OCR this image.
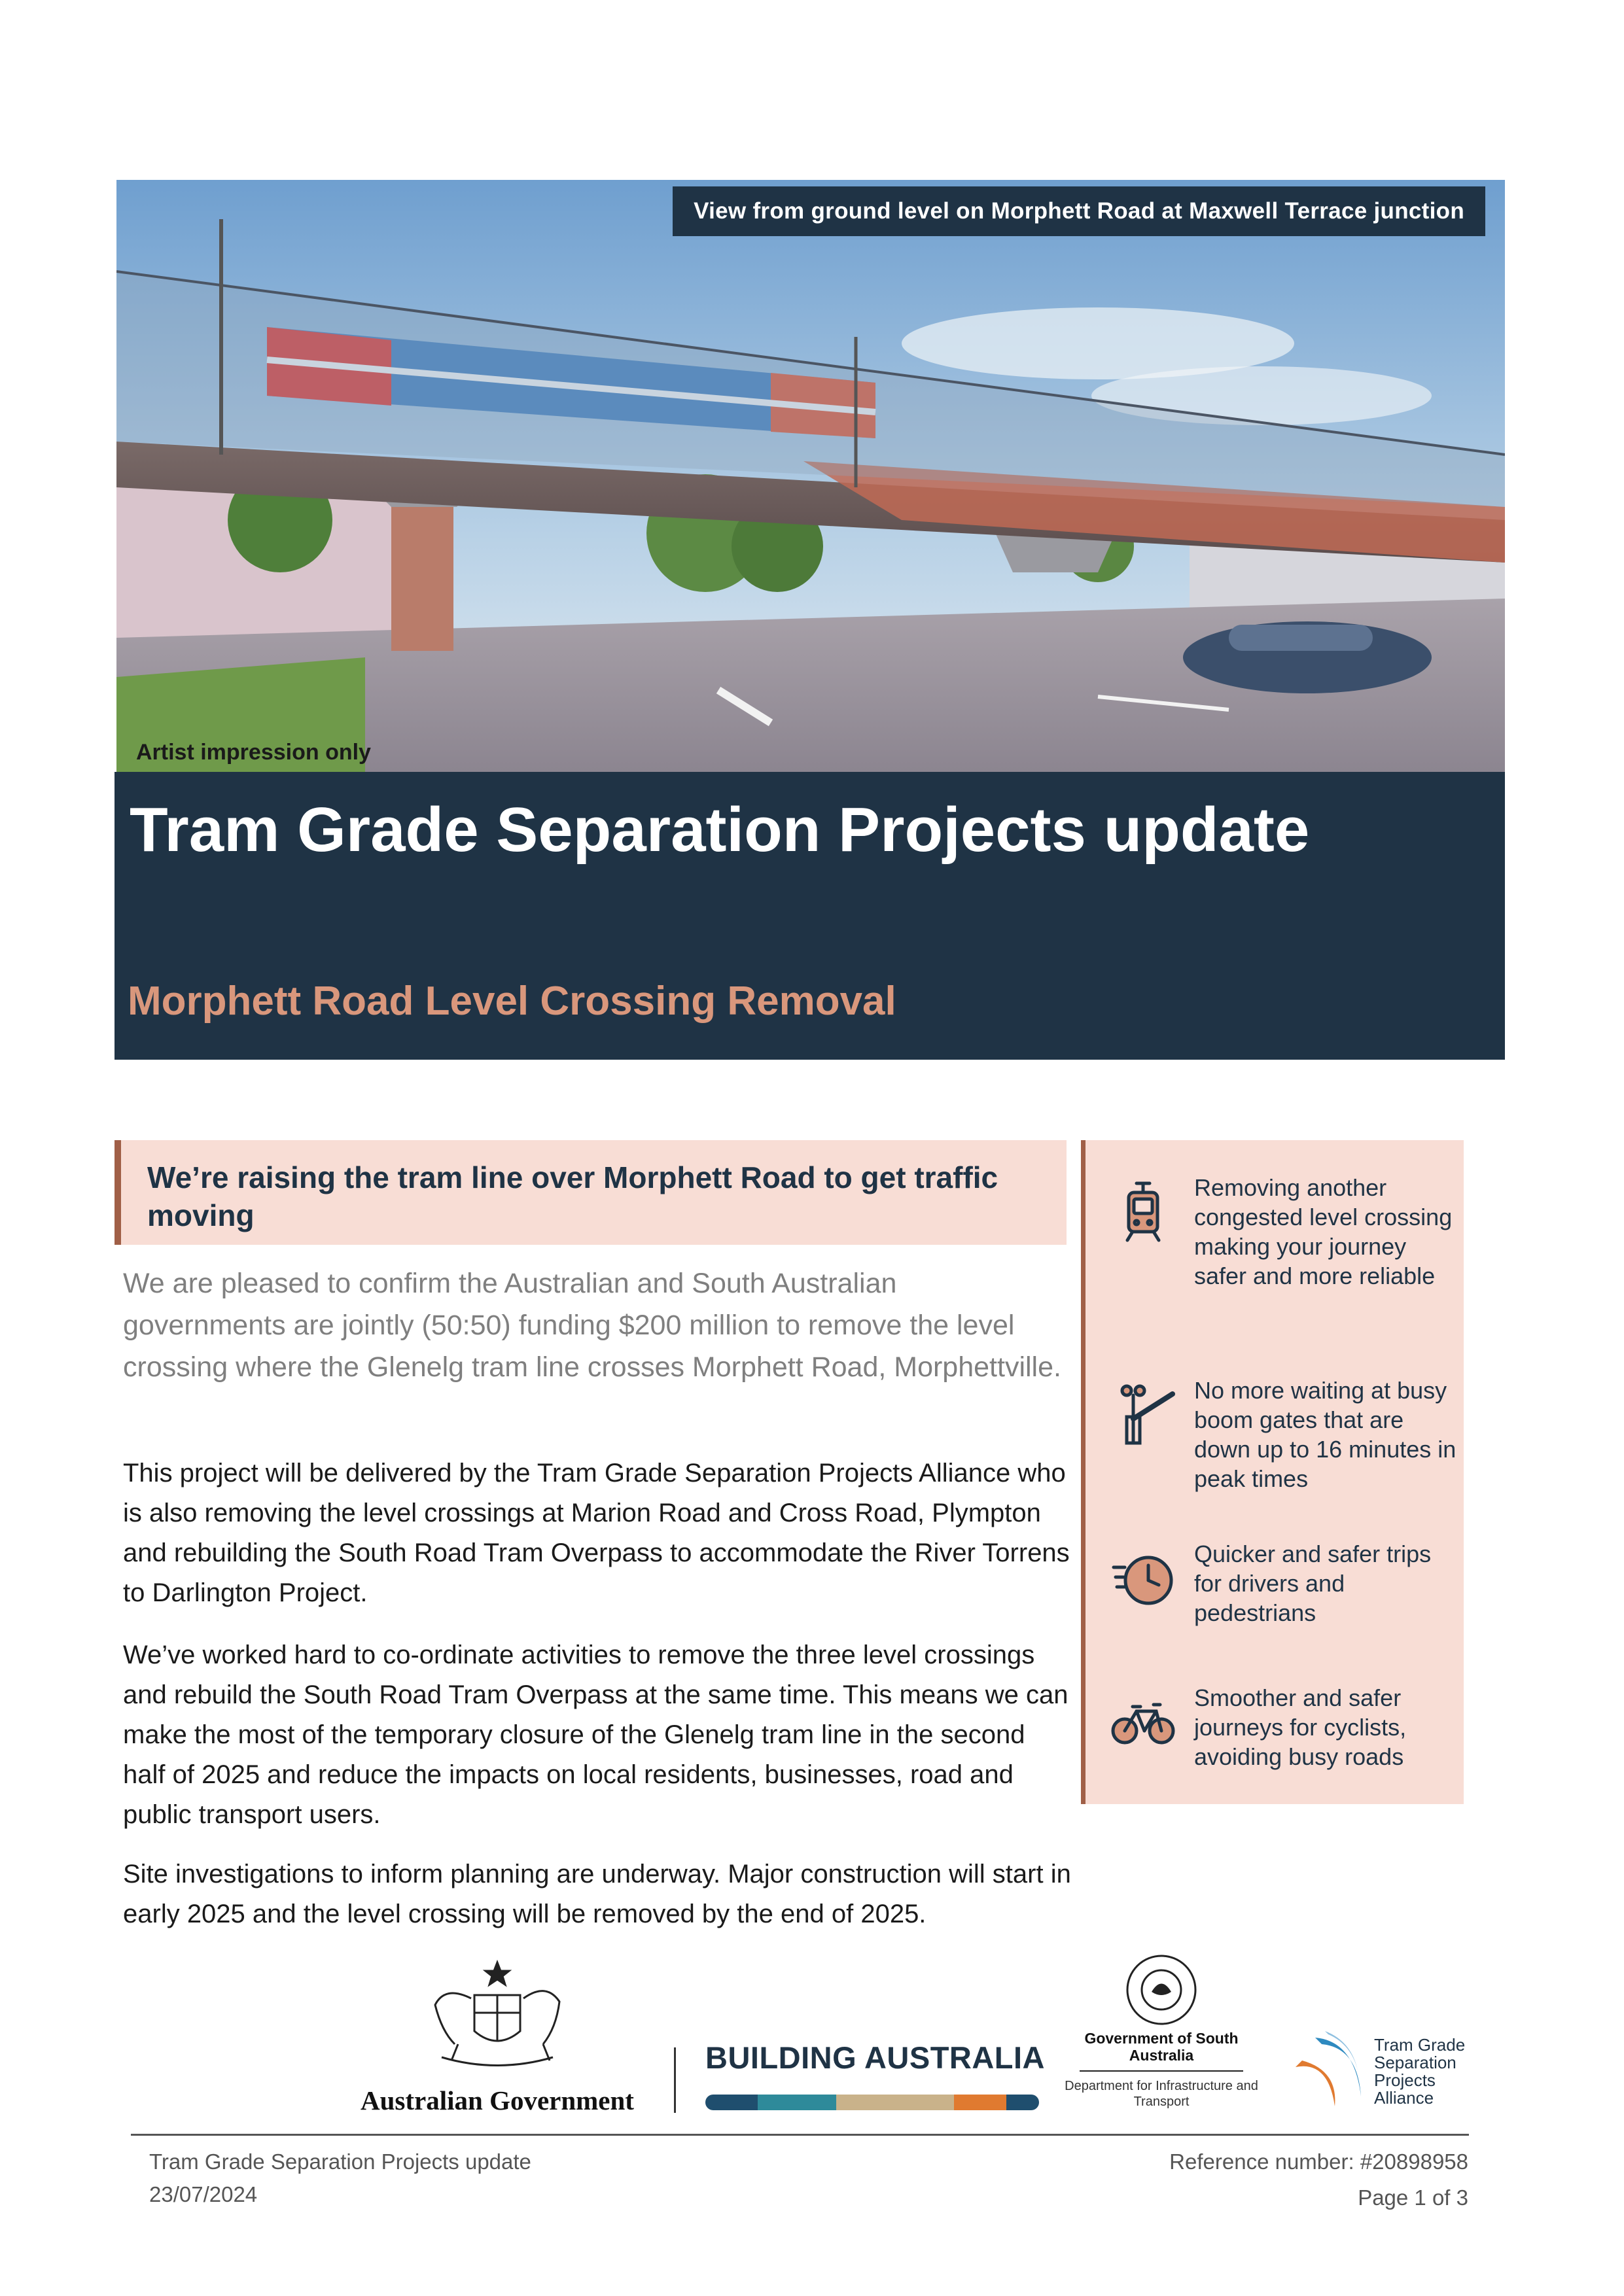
View from ground level on Morphett Road at Maxwell Terrace junction
Artist impression only
Tram Grade Separation Projects update
Morphett Road Level Crossing Removal
We’re raising the tram line over Morphett Road to get traffic moving
We are pleased to confirm the Australian and South Australian governments are jointly (50:50) funding $200 million to remove the level crossing where the Glenelg tram line crosses Morphett Road, Morphettville.
This project will be delivered by the Tram Grade Separation Projects Alliance who is also removing the level crossings at Marion Road and Cross Road, Plympton and rebuilding the South Road Tram Overpass to accommodate the River Torrens to Darlington Project.
We’ve worked hard to co-ordinate activities to remove the three level crossings and rebuild the South Road Tram Overpass at the same time. This means we can make the most of the temporary closure of the Glenelg tram line in the second half of 2025 and reduce the impacts on local residents, businesses, road and public transport users.
Site investigations to inform planning are underway. Major construction will start in early 2025 and the level crossing will be removed by the end of 2025.
Removing another congested level crossing making your journey safer and more reliable
No more waiting at busy boom gates that are down up to 16 minutes in peak times
Quicker and safer trips for drivers and pedestrians
Smoother and safer journeys for cyclists, avoiding busy roads
Australian Government
BUILDING AUSTRALIA
Government of South Australia
Department for Infrastructure and Transport
Tram Grade Separation Projects Alliance
Tram Grade Separation Projects update
23/07/2024
Reference number: #20898958
Page 1 of 3
